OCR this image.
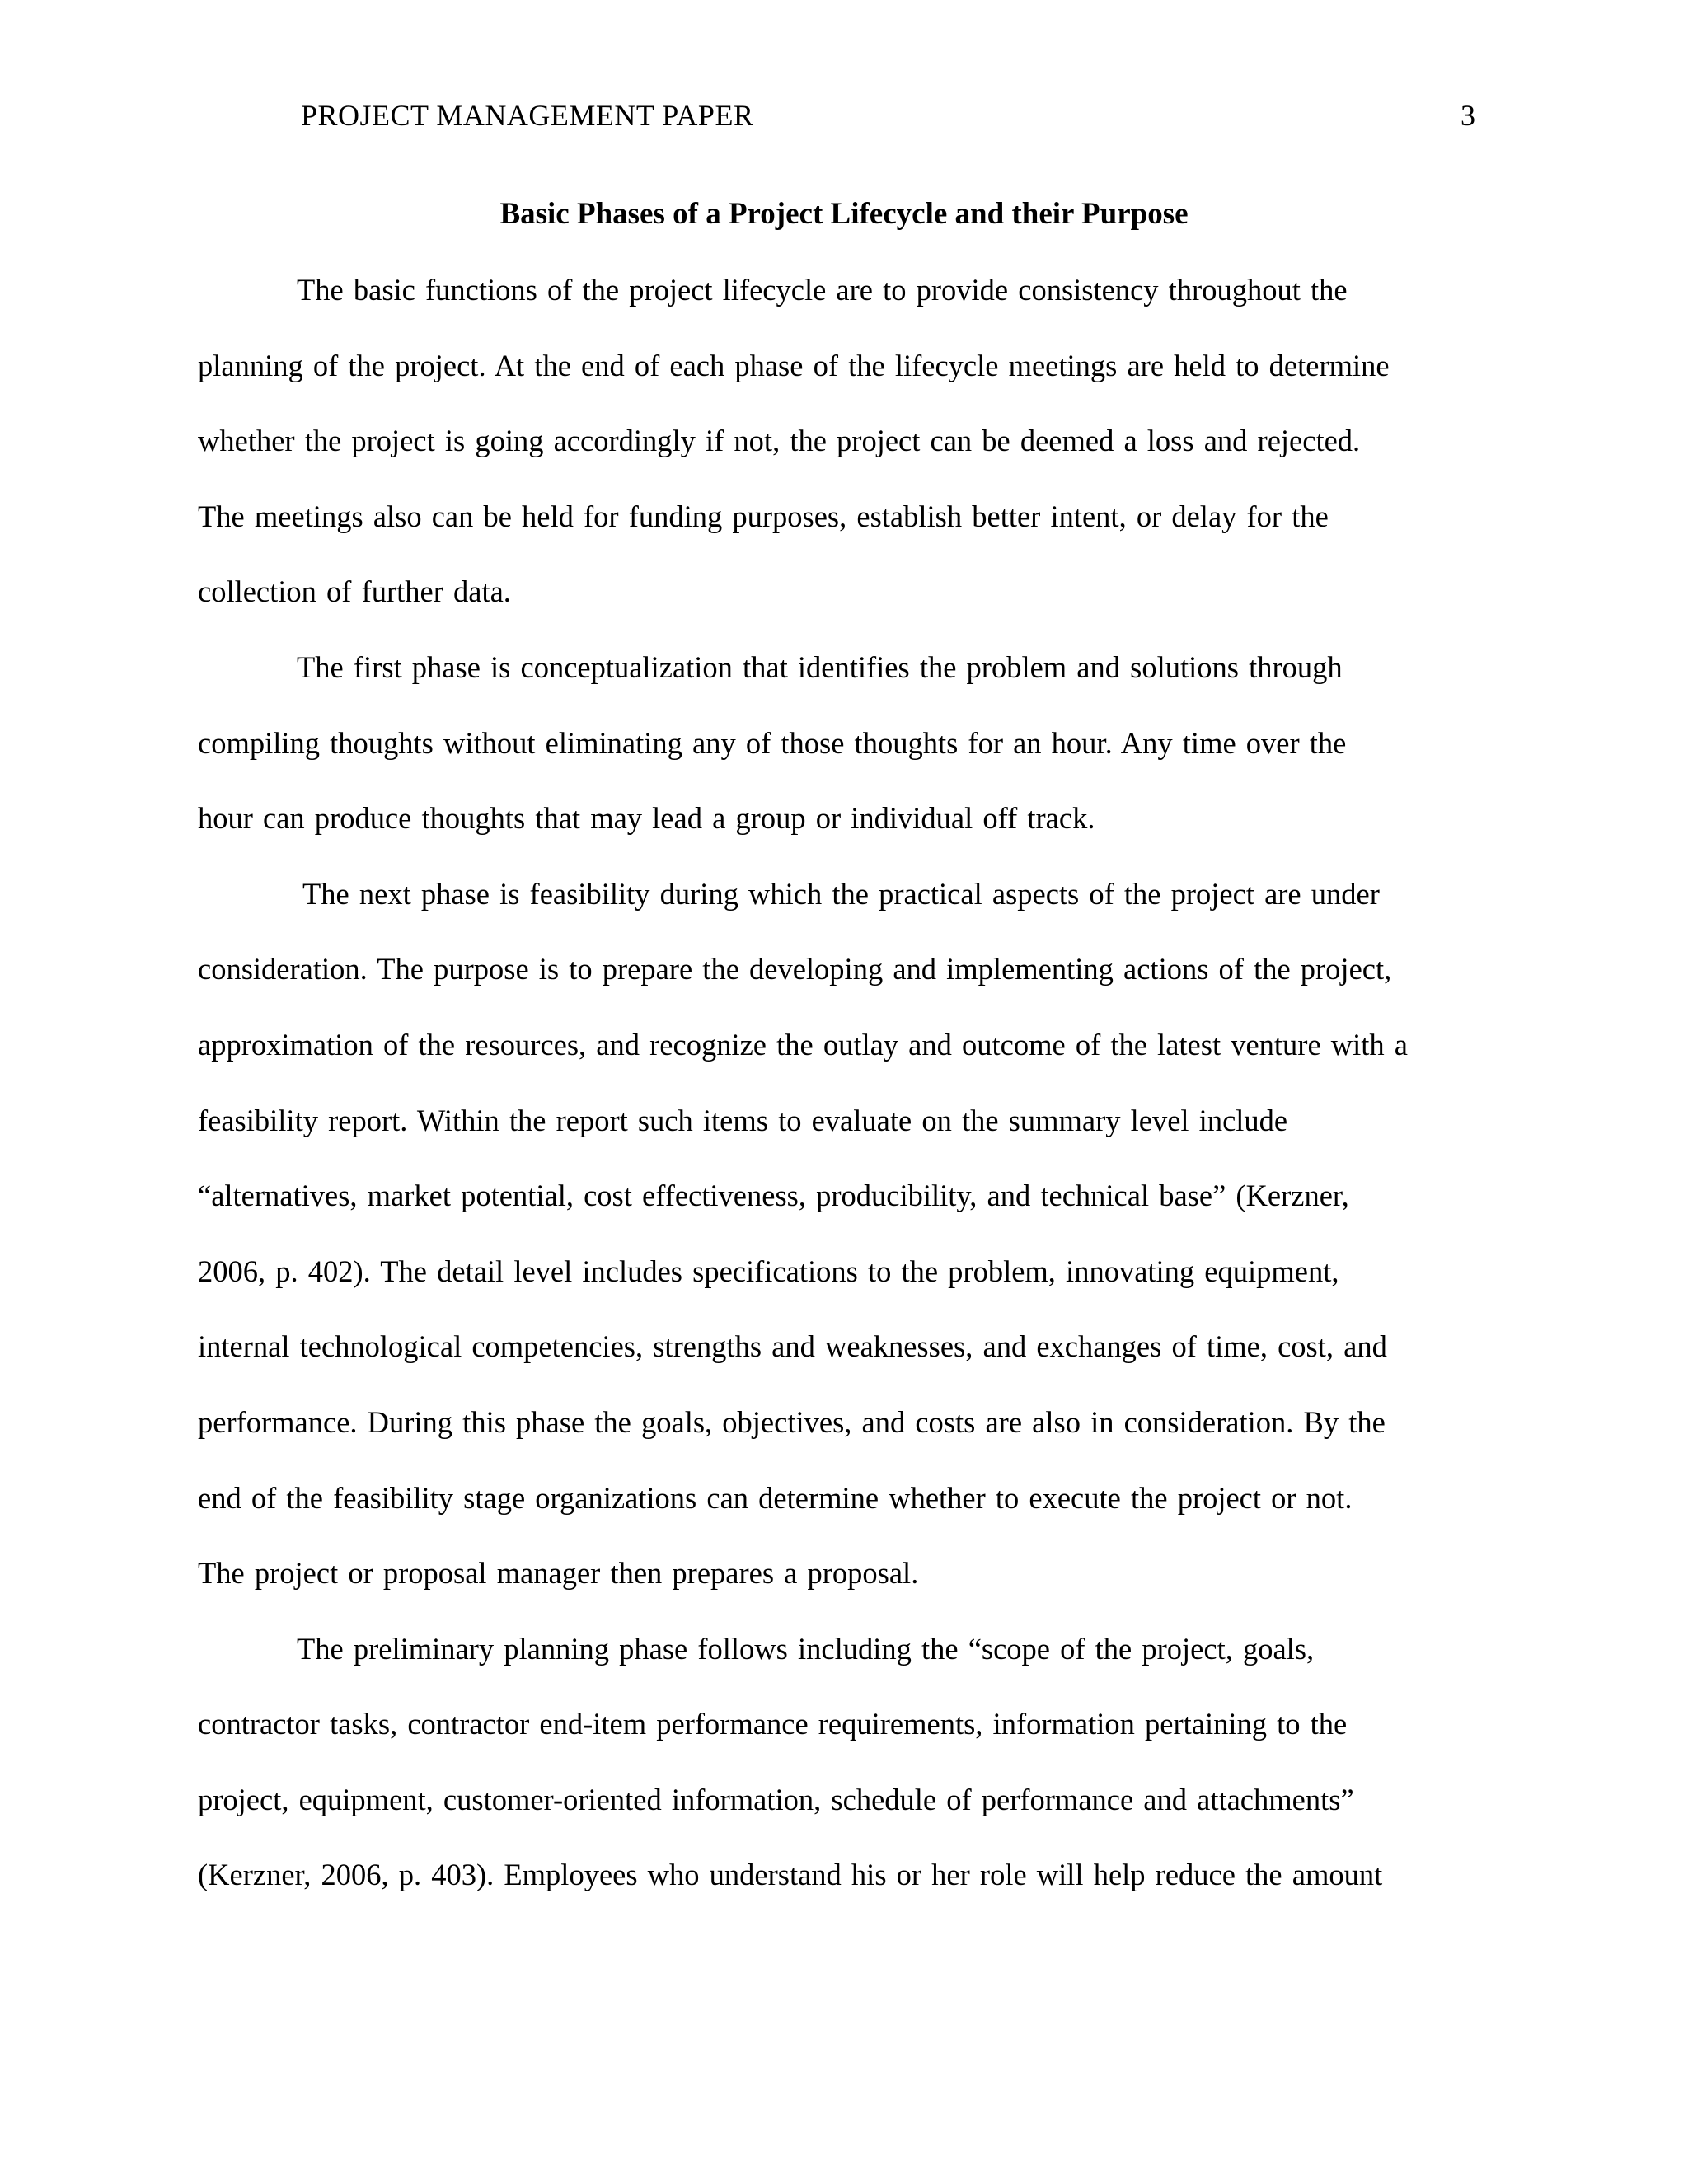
PROJECT MANAGEMENT PAPER	3
Basic Phases of a Project Lifecycle and their Purpose
The basic functions of the project lifecycle are to provide consistency throughout the
planning of the project. At the end of each phase of the lifecycle meetings are held to determine
whether the project is going accordingly if not, the project can be deemed a loss and rejected.
The meetings also can be held for funding purposes, establish better intent, or delay for the
collection of further data.
The first phase is conceptualization that identifies the problem and solutions through
compiling thoughts without eliminating any of those thoughts for an hour. Any time over the
hour can produce thoughts that may lead a group or individual off track.
The next phase is feasibility during which the practical aspects of the project are under
consideration. The purpose is to prepare the developing and implementing actions of the project,
approximation of the resources, and recognize the outlay and outcome of the latest venture with a
feasibility report. Within the report such items to evaluate on the summary level include
“alternatives, market potential, cost effectiveness, producibility, and technical base” (Kerzner,
2006, p. 402). The detail level includes specifications to the problem, innovating equipment,
internal technological competencies, strengths and weaknesses, and exchanges of time, cost, and
performance. During this phase the goals, objectives, and costs are also in consideration. By the
end of the feasibility stage organizations can determine whether to execute the project or not.
The project or proposal manager then prepares a proposal.
The preliminary planning phase follows including the “scope of the project, goals,
contractor tasks, contractor end-item performance requirements, information pertaining to the
project, equipment, customer-oriented information, schedule of performance and attachments”
(Kerzner, 2006, p. 403). Employees who understand his or her role will help reduce the amount
